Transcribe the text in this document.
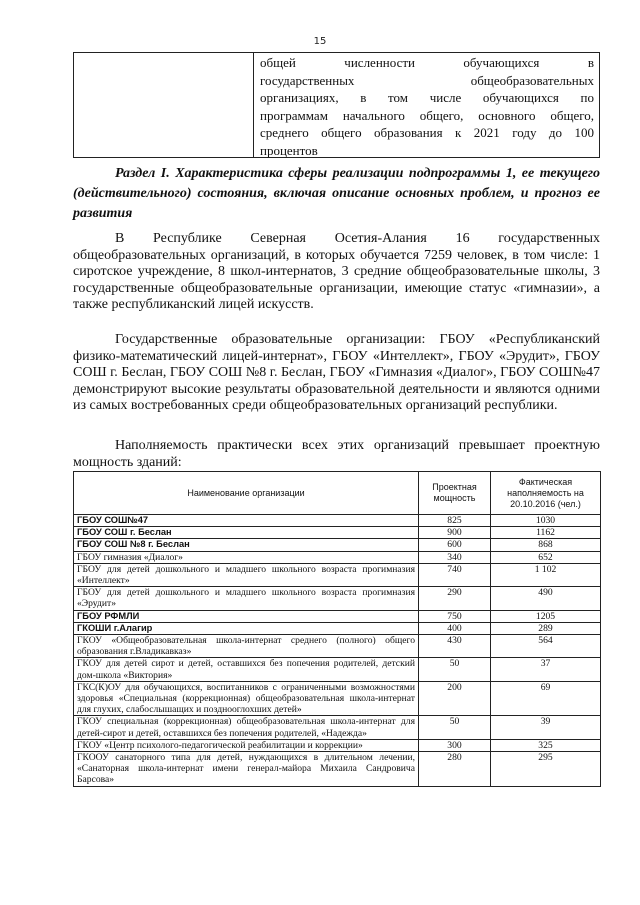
15
общей численности обучающихся в
государственных общеобразовательных
организациях, в том числе обучающихся по
программам начального общего, основного общего,
среднего общего образования к 2021 году до 100
процентов
Раздел I. Характеристика сферы реализации подпрограммы 1, ее текущего (действительного) состояния, включая описание основных проблем, и прогноз ее развития
В Республике Северная Осетия-Алания 16 государственных общеобразовательных организаций, в которых обучается 7259 человек, в том числе: 1 сиротское учреждение, 8 школ-интернатов, 3 средние общеобразовательные школы, 3 государственные общеобразовательные организации, имеющие статус «гимназии», а также республиканский лицей искусств.
Государственные образовательные организации: ГБОУ «Республиканский физико-математический лицей-интернат», ГБОУ «Интеллект», ГБОУ «Эрудит», ГБОУ СОШ г. Беслан, ГБОУ СОШ №8 г. Беслан, ГБОУ «Гимназия «Диалог», ГБОУ СОШ№47 демонстрируют высокие результаты образовательной деятельности и являются одними из самых востребованных среди общеобразовательных организаций республики.
Наполняемость практически всех этих организаций превышает проектную мощность зданий:
Наименование организации	Проектная мощность	Фактическая наполняемость на 20.10.2016 (чел.)
ГБОУ СОШ№47	825	1030
ГБОУ СОШ г. Беслан	900	1162
ГБОУ СОШ №8 г. Беслан	600	868
ГБОУ гимназия «Диалог»	340	652
ГБОУ для детей дошкольного и младшего школьного возраста прогимназия «Интеллект»	740	1 102
ГБОУ для детей дошкольного и младшего школьного возраста прогимназия «Эрудит»	290	490
ГБОУ РФМЛИ	750	1205
ГКОШИ г.Алагир	400	289
ГКОУ «Общеобразовательная школа-интернат среднего (полного) общего образования г.Владикавказ»	430	564
ГКОУ для детей сирот и детей, оставшихся без попечения родителей, детский дом-школа «Виктория»	50	37
ГКС(К)ОУ для обучающихся, воспитанников с ограниченными возможностями здоровья «Специальная (коррекционная) общеобразовательная школа-интернат для глухих, слабослышащих и позднооглохших детей»	200	69
ГКОУ специальная (коррекционная) общеобразовательная школа-интернат для детей-сирот и детей, оставшихся без попечения родителей, «Надежда»	50	39
ГКОУ «Центр психолого-педагогической реабилитации и коррекции»	300	325
ГКООУ санаторного типа для детей, нуждающихся в длительном лечении, «Санаторная школа-интернат имени генерал-майора Михаила Сандровича Барсова»	280	295
